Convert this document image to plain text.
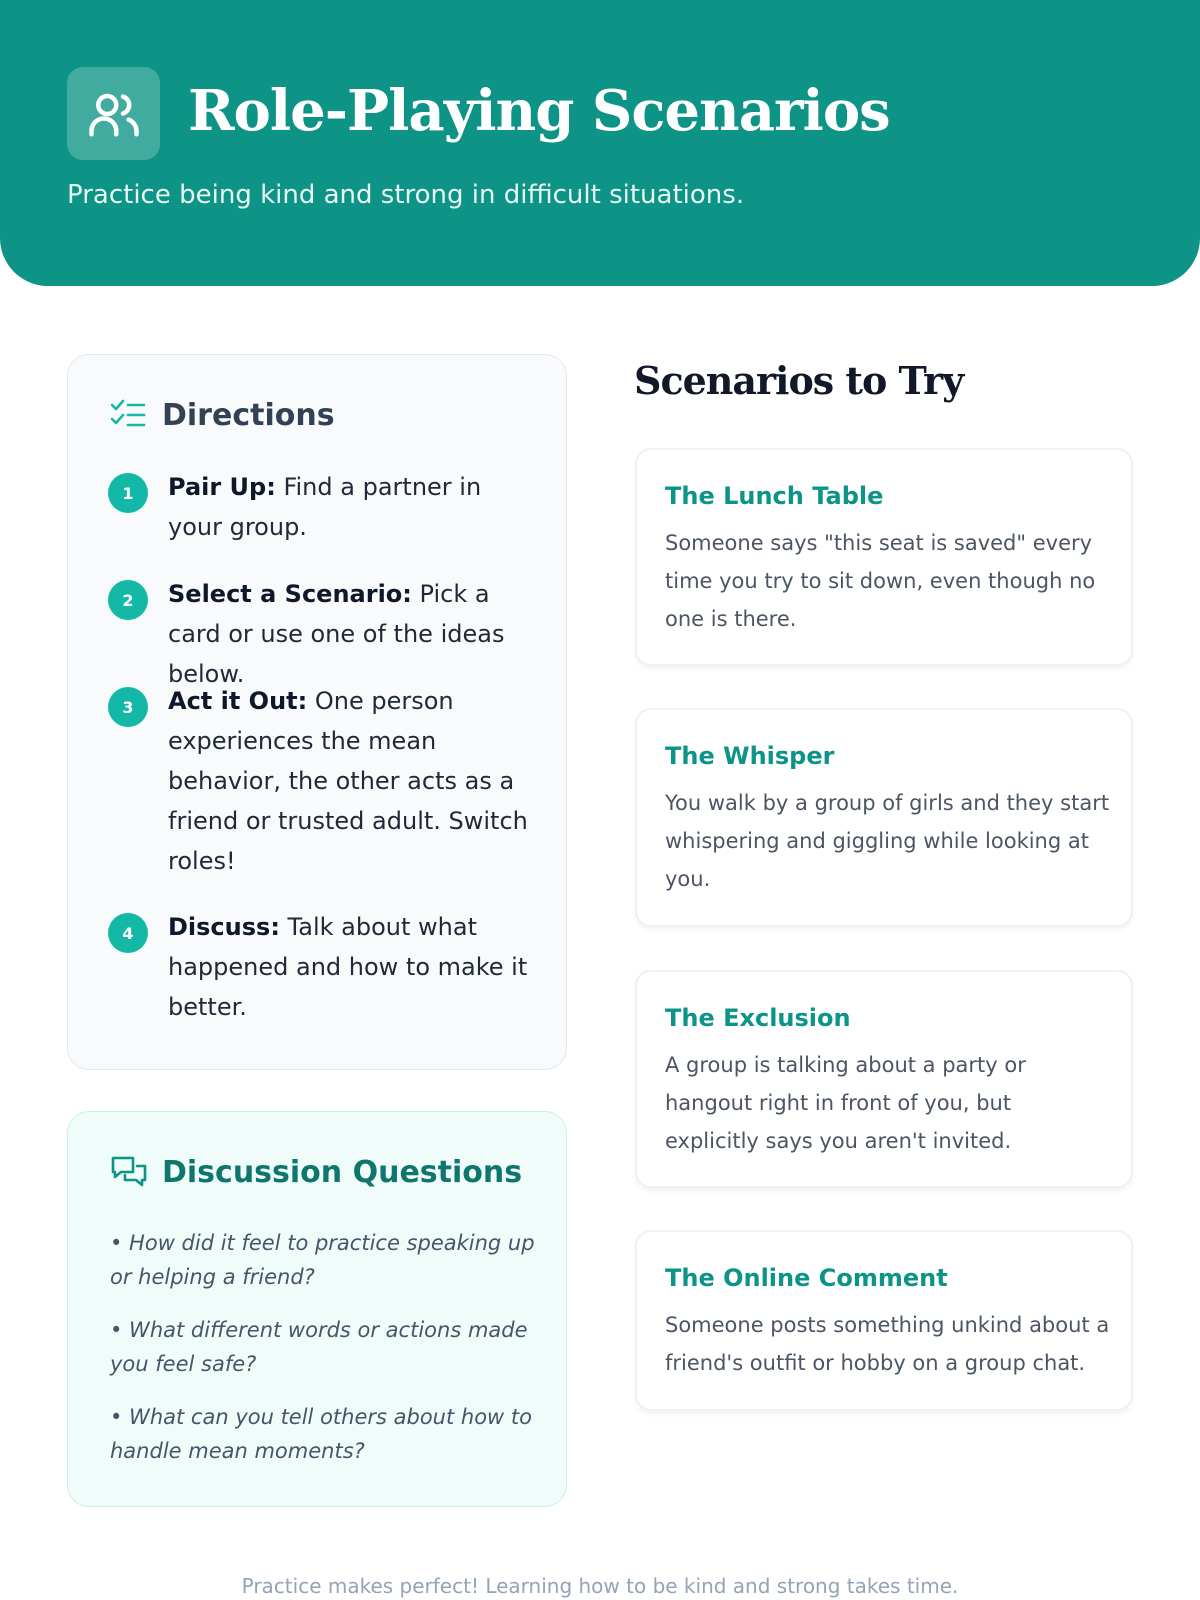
Role-Playing Scenarios
Practice being kind and strong in difficult situations.
Directions
1	Pair Up: Find a partner in your group.
2	Select a Scenario: Pick a card or use one of the ideas below.
3	Act it Out: One person experiences the mean behavior, the other acts as a friend or trusted adult. Switch roles!
4	Discuss: Talk about what happened and how to make it better.
Discussion Questions
• How did it feel to practice speaking up or helping a friend?
• What different words or actions made you feel safe?
• What can you tell others about how to handle mean moments?
Scenarios to Try
The Lunch Table
Someone says "this seat is saved" every time you try to sit down, even though no one is there.
The Whisper
You walk by a group of girls and they start whispering and giggling while looking at you.
The Exclusion
A group is talking about a party or hangout right in front of you, but explicitly says you aren't invited.
The Online Comment
Someone posts something unkind about a friend's outfit or hobby on a group chat.
Practice makes perfect! Learning how to be kind and strong takes time.
